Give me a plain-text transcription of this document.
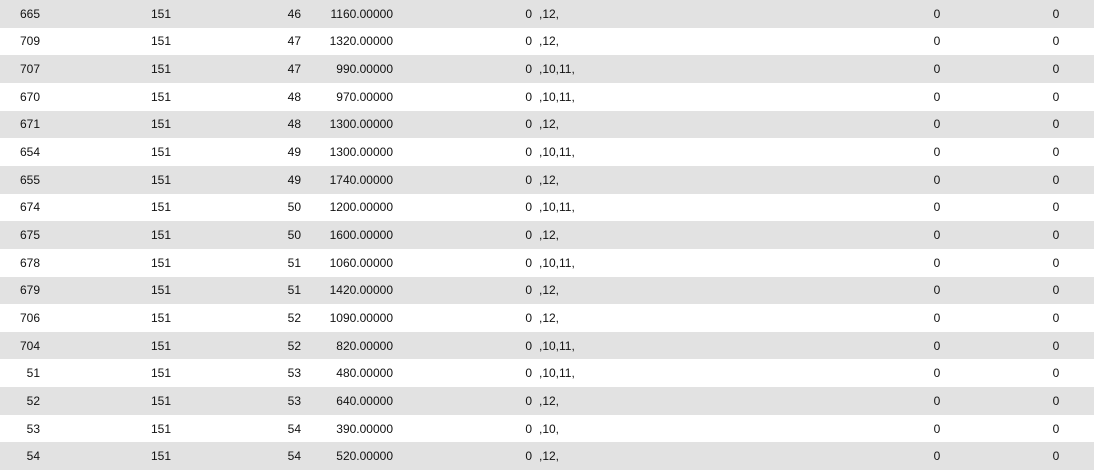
665	151	46	1160.00000	0 ,12,	0	0
709	151	47	1320.00000	0 ,12,	0	0
707	151	47	990.00000	0 ,10,11,	0	0
670	151	48	970.00000	0 ,10,11,	0	0
671	151	48	1300.00000	0 ,12,	0	0
654	151	49	1300.00000	0 ,10,11,	0	0
655	151	49	1740.00000	0 ,12,	0	0
674	151	50	1200.00000	0 ,10,11,	0	0
675	151	50	1600.00000	0 ,12,	0	0
678	151	51	1060.00000	0 ,10,11,	0	0
679	151	51	1420.00000	0 ,12,	0	0
706	151	52	1090.00000	0 ,12,	0	0
704	151	52	820.00000	0 ,10,11,	0	0
51	151	53	480.00000	0 ,10,11,	0	0
52	151	53	640.00000	0 ,12,	0	0
53	151	54	390.00000	0 ,10,	0	0
54	151	54	520.00000	0 ,12,	0	0
